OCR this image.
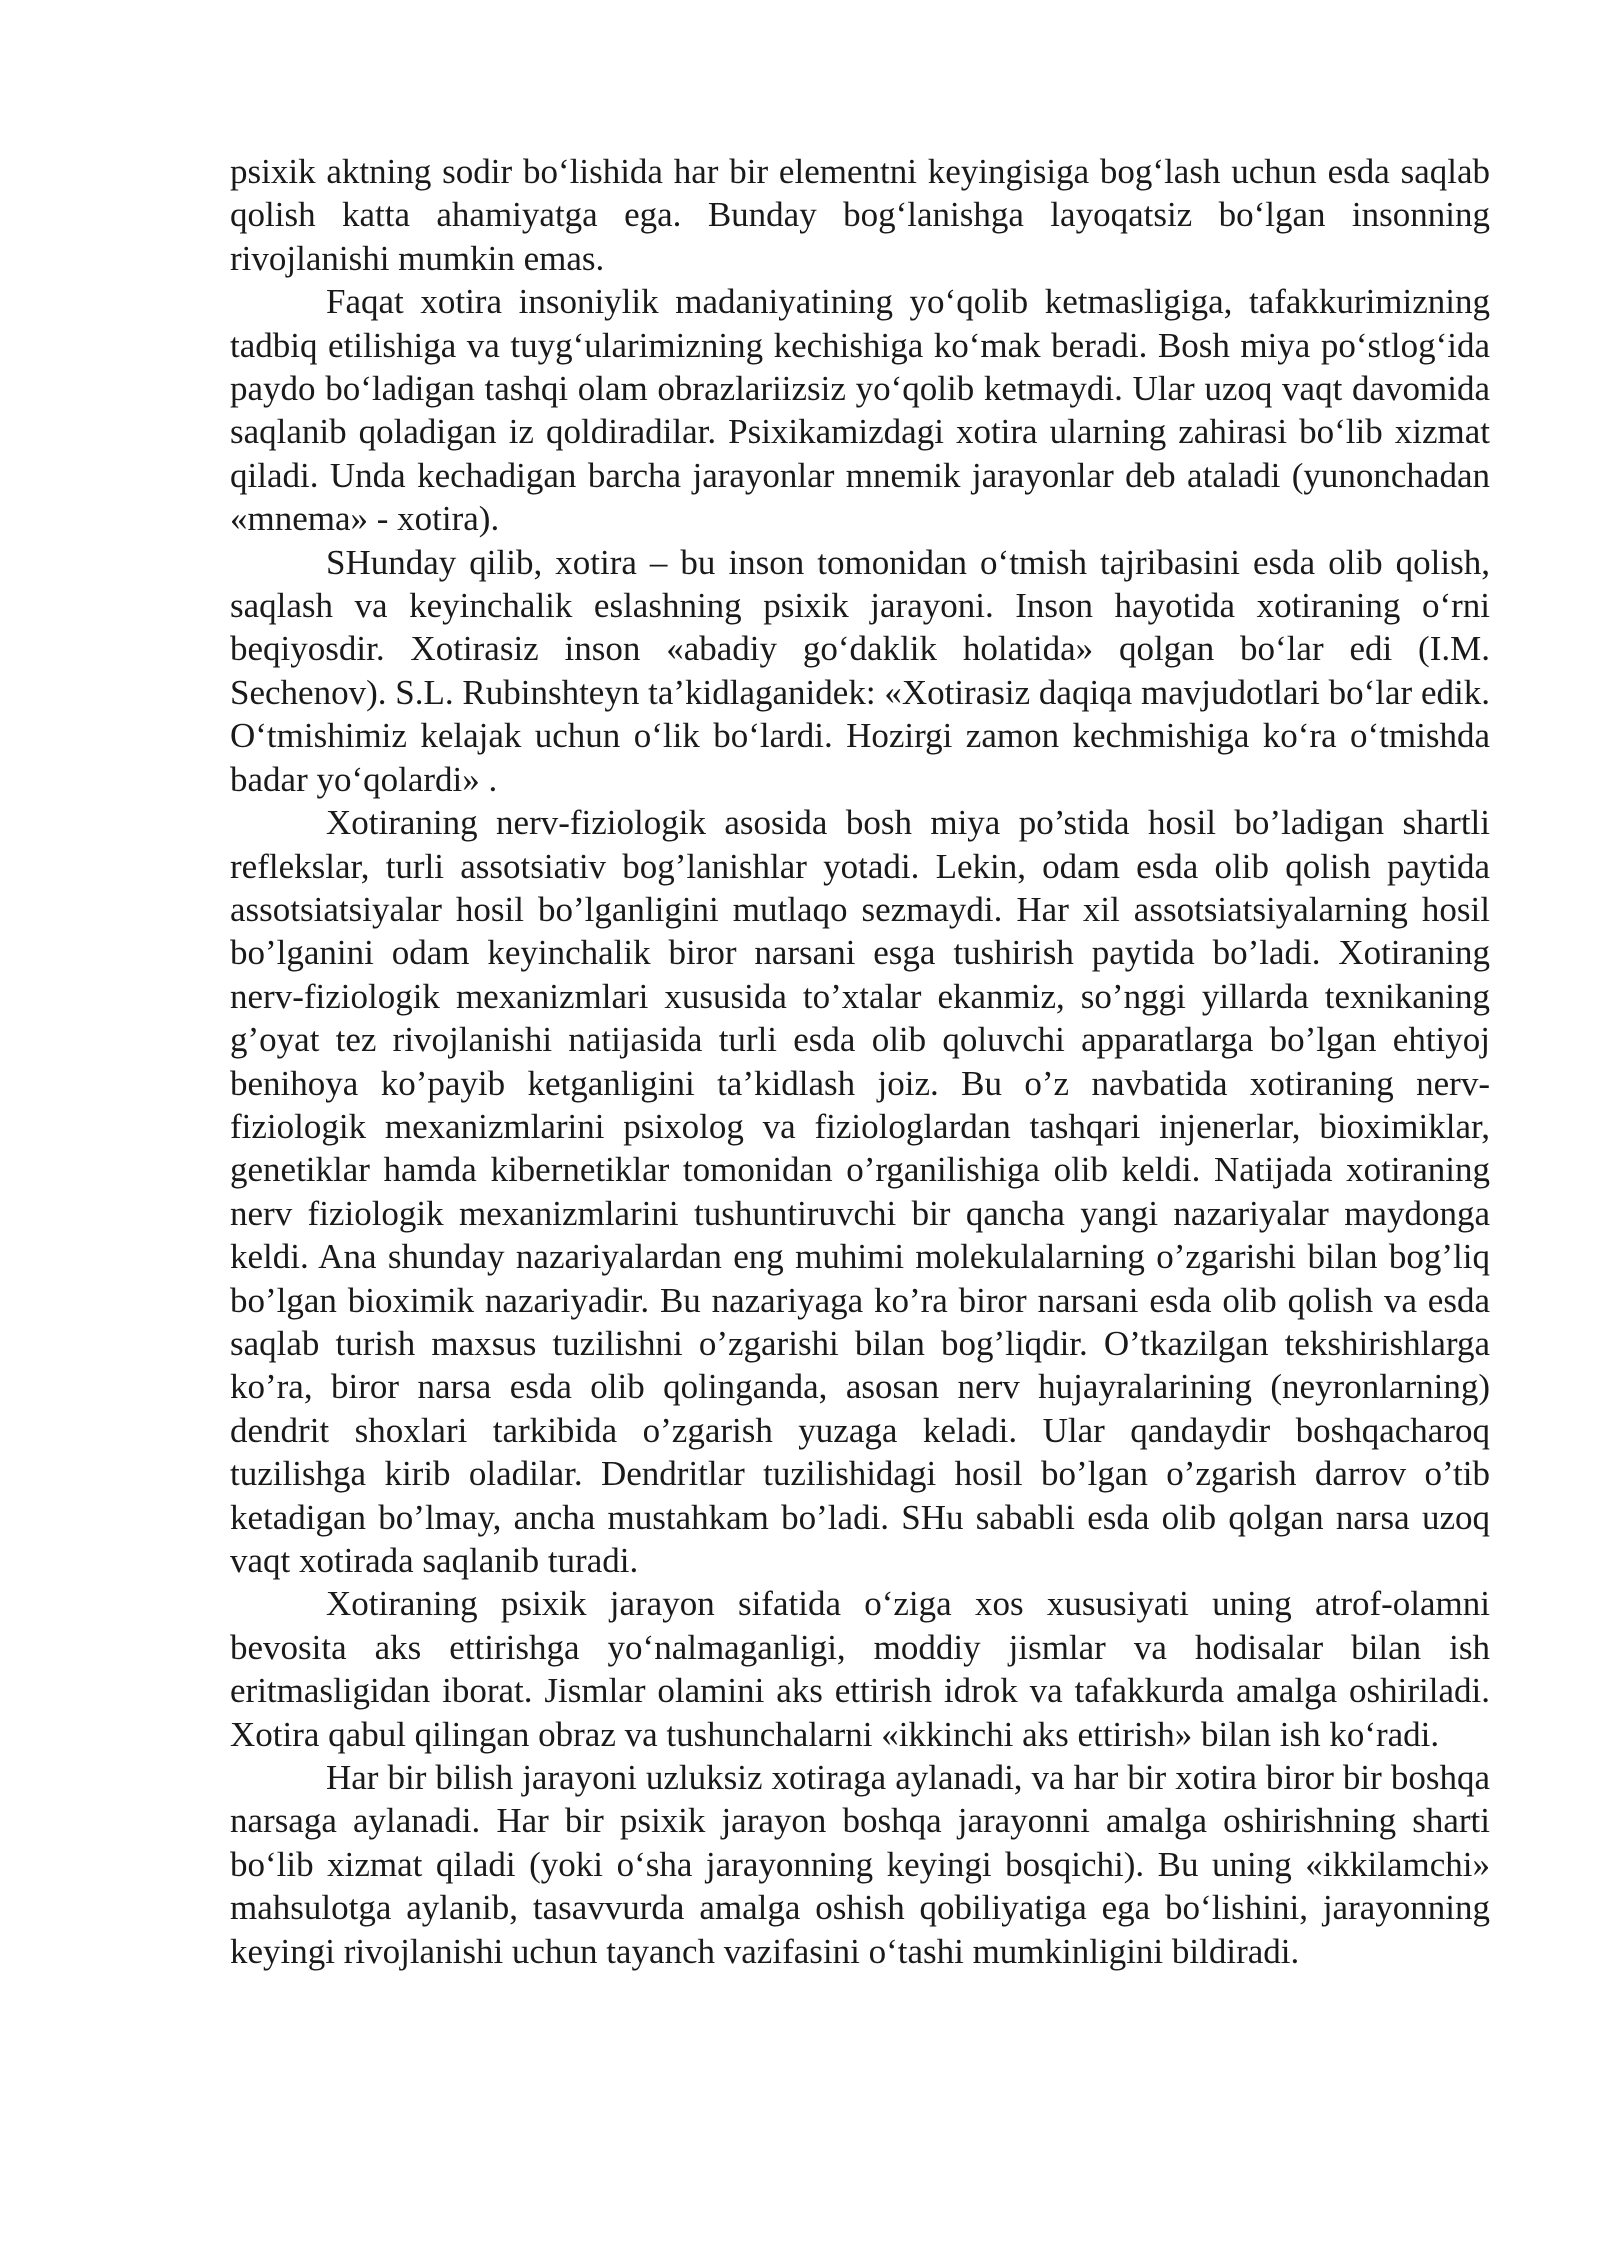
psixik aktning sodir bo‘lishida har bir elementni keyingisiga bog‘lash uchun esda saqlab qolish katta ahamiyatga ega. Bunday bog‘lanishga layoqatsiz bo‘lgan insonning rivojlanishi mumkin emas.

Faqat xotira insoniylik madaniyatining yo‘qolib ketmasligiga, tafakkurimizning tadbiq etilishiga va tuyg‘ularimizning kechishiga ko‘mak beradi. Bosh miya po‘stlog‘ida paydo bo‘ladigan tashqi olam obrazlariizsiz yo‘qolib ketmaydi. Ular uzoq vaqt davomida saqlanib qoladigan iz qoldiradilar. Psixikamizdagi xotira ularning zahirasi bo‘lib xizmat qiladi. Unda kechadigan barcha jarayonlar mnemik jarayonlar deb ataladi (yunonchadan «mnema» - xotira).

SHunday qilib, xotira – bu inson tomonidan o‘tmish tajribasini esda olib qolish, saqlash va keyinchalik eslashning psixik jarayoni. Inson hayotida xotiraning o‘rni beqiyosdir. Xotirasiz inson «abadiy go‘daklik holatida» qolgan bo‘lar edi (I.M. Sechenov). S.L. Rubinshteyn ta’kidlaganidek: «Xotirasiz daqiqa mavjudotlari bo‘lar edik. O‘tmishimiz kelajak uchun o‘lik bo‘lardi. Hozirgi zamon kechmishiga ko‘ra o‘tmishda badar yo‘qolardi» .

Xotiraning nerv-fiziologik asosida bosh miya po’stida hosil bo’ladigan shartli reflekslar, turli assotsiativ bog’lanishlar yotadi. Lekin, odam esda olib qolish paytida assotsiatsiyalar hosil bo’lganligini mutlaqo sezmaydi. Har xil assotsiatsiyalarning hosil bo’lganini odam keyinchalik biror narsani esga tushirish paytida bo’ladi. Xotiraning nerv-fiziologik mexanizmlari xususida to’xtalar ekanmiz, so’nggi yillarda texnikaning g’oyat tez rivojlanishi natijasida turli esda olib qoluvchi apparatlarga bo’lgan ehtiyoj benihoya ko’payib ketganligini ta’kidlash joiz. Bu o’z navbatida xotiraning nerv-fiziologik mexanizmlarini psixolog va fiziologlardan tashqari injenerlar, bioximiklar, genetiklar hamda kibernetiklar tomonidan o’rganilishiga olib keldi. Natijada xotiraning nerv fiziologik mexanizmlarini tushuntiruvchi bir qancha yangi nazariyalar maydonga keldi. Ana shunday nazariyalardan eng muhimi molekulalarning o’zgarishi bilan bog’liq bo’lgan bioximik nazariyadir. Bu nazariyaga ko’ra biror narsani esda olib qolish va esda saqlab turish maxsus tuzilishni o’zgarishi bilan bog’liqdir. O’tkazilgan tekshirishlarga ko’ra, biror narsa esda olib qolinganda, asosan nerv hujayralarining (neyronlarning) dendrit shoxlari tarkibida o’zgarish yuzaga keladi. Ular qandaydir boshqacharoq tuzilishga kirib oladilar. Dendritlar tuzilishidagi hosil bo’lgan o’zgarish darrov o’tib ketadigan bo’lmay, ancha mustahkam bo’ladi. SHu sababli esda olib qolgan narsa uzoq vaqt xotirada saqlanib turadi.

Xotiraning psixik jarayon sifatida o‘ziga xos xususiyati uning atrof-olamni bevosita aks ettirishga yo‘nalmaganligi, moddiy jismlar va hodisalar bilan ish eritmasligidan iborat. Jismlar olamini aks ettirish idrok va tafakkurda amalga oshiriladi. Xotira qabul qilingan obraz va tushunchalarni «ikkinchi aks ettirish» bilan ish ko‘radi.

Har bir bilish jarayoni uzluksiz xotiraga aylanadi, va har bir xotira biror bir boshqa narsaga aylanadi. Har bir psixik jarayon boshqa jarayonni amalga oshirishning sharti bo‘lib xizmat qiladi (yoki o‘sha jarayonning keyingi bosqichi). Bu uning «ikkilamchi» mahsulotga aylanib, tasavvurda amalga oshish qobiliyatiga ega bo‘lishini, jarayonning keyingi rivojlanishi uchun tayanch vazifasini o‘tashi mumkinligini bildiradi.
